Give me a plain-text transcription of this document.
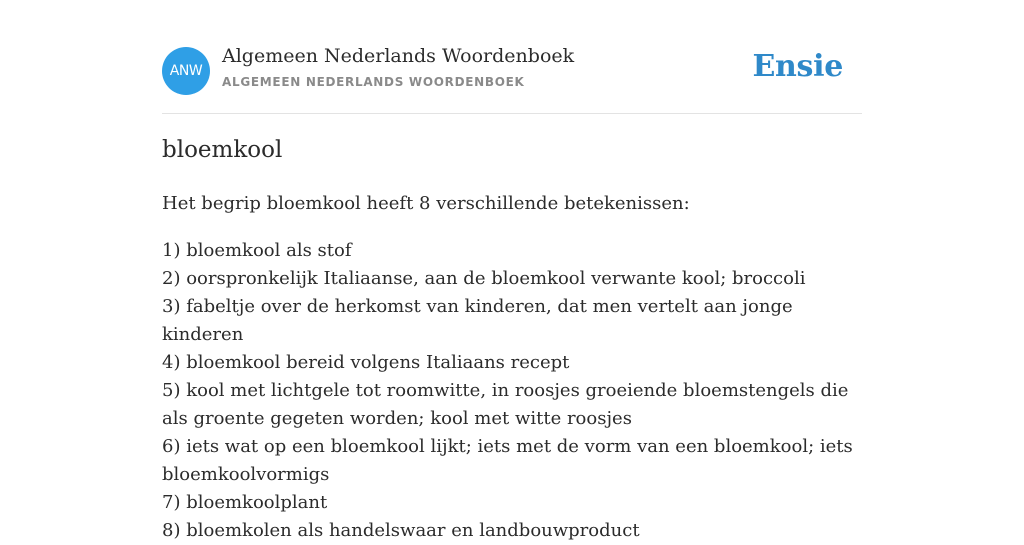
ANW
Algemeen Nederlands Woordenboek
ALGEMEEN NEDERLANDS WOORDENBOEK	Ensie
bloemkool

Het begrip bloemkool heeft 8 verschillende betekenissen:

1) bloemkool als stof
2) oorspronkelijk Italiaanse, aan de bloemkool verwante kool; broccoli
3) fabeltje over de herkomst van kinderen, dat men vertelt aan jonge kinderen
4) bloemkool bereid volgens Italiaans recept
5) kool met lichtgele tot roomwitte, in roosjes groeiende bloemstengels die als groente gegeten worden; kool met witte roosjes
6) iets wat op een bloemkool lijkt; iets met de vorm van een bloemkool; iets bloemkoolvormigs
7) bloemkoolplant
8) bloemkolen als handelswaar en landbouwproduct
